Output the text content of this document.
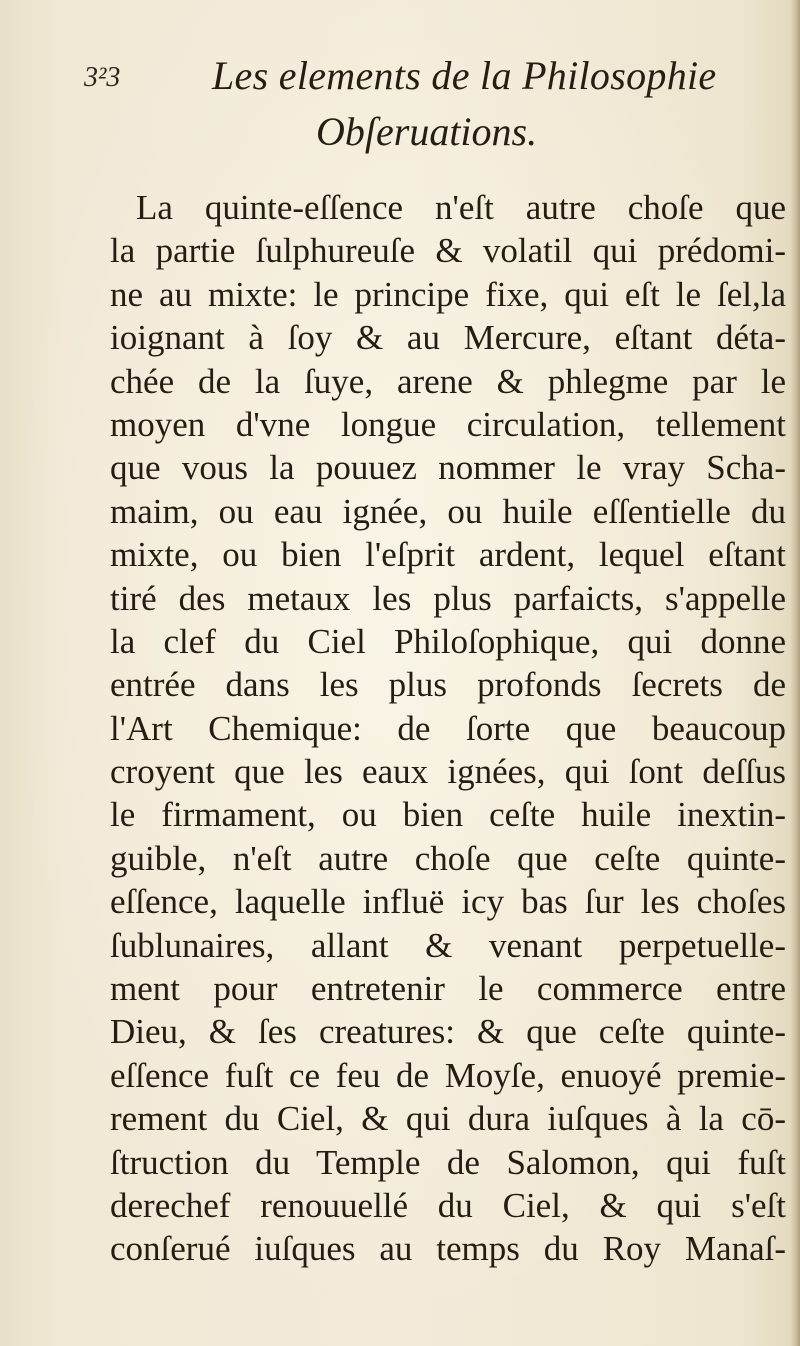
3²3 Les elements de la Philosophie
Obſeruations.
La quinte-eſſence n'eſt autre choſe que
la partie ſulphureuſe & volatil qui prédomi-
ne au mixte: le principe fixe, qui eſt le ſel,la
ioignant à ſoy & au Mercure, eſtant déta-
chée de la ſuye, arene & phlegme par le
moyen d'vne longue circulation, tellement
que vous la pouuez nommer le vray Scha-
maim, ou eau ignée, ou huile eſſentielle du
mixte, ou bien l'eſprit ardent, lequel eſtant
tiré des metaux les plus parfaicts, s'appelle
la clef du Ciel Philoſophique, qui donne
entrée dans les plus profonds ſecrets de
l'Art Chemique: de ſorte que beaucoup
croyent que les eaux ignées, qui ſont deſſus
le firmament, ou bien ceſte huile inextin-
guible, n'eſt autre choſe que ceſte quinte-
eſſence, laquelle influë icy bas ſur les choſes
ſublunaires, allant & venant perpetuelle-
ment pour entretenir le commerce entre
Dieu, & ſes creatures: & que ceſte quinte-
eſſence fuſt ce feu de Moyſe, enuoyé premie-
rement du Ciel, & qui dura iuſques à la cō-
ſtruction du Temple de Salomon, qui fuſt
derechef renouuellé du Ciel, & qui s'eſt
conſerué iuſques au temps du Roy Manaſ-
